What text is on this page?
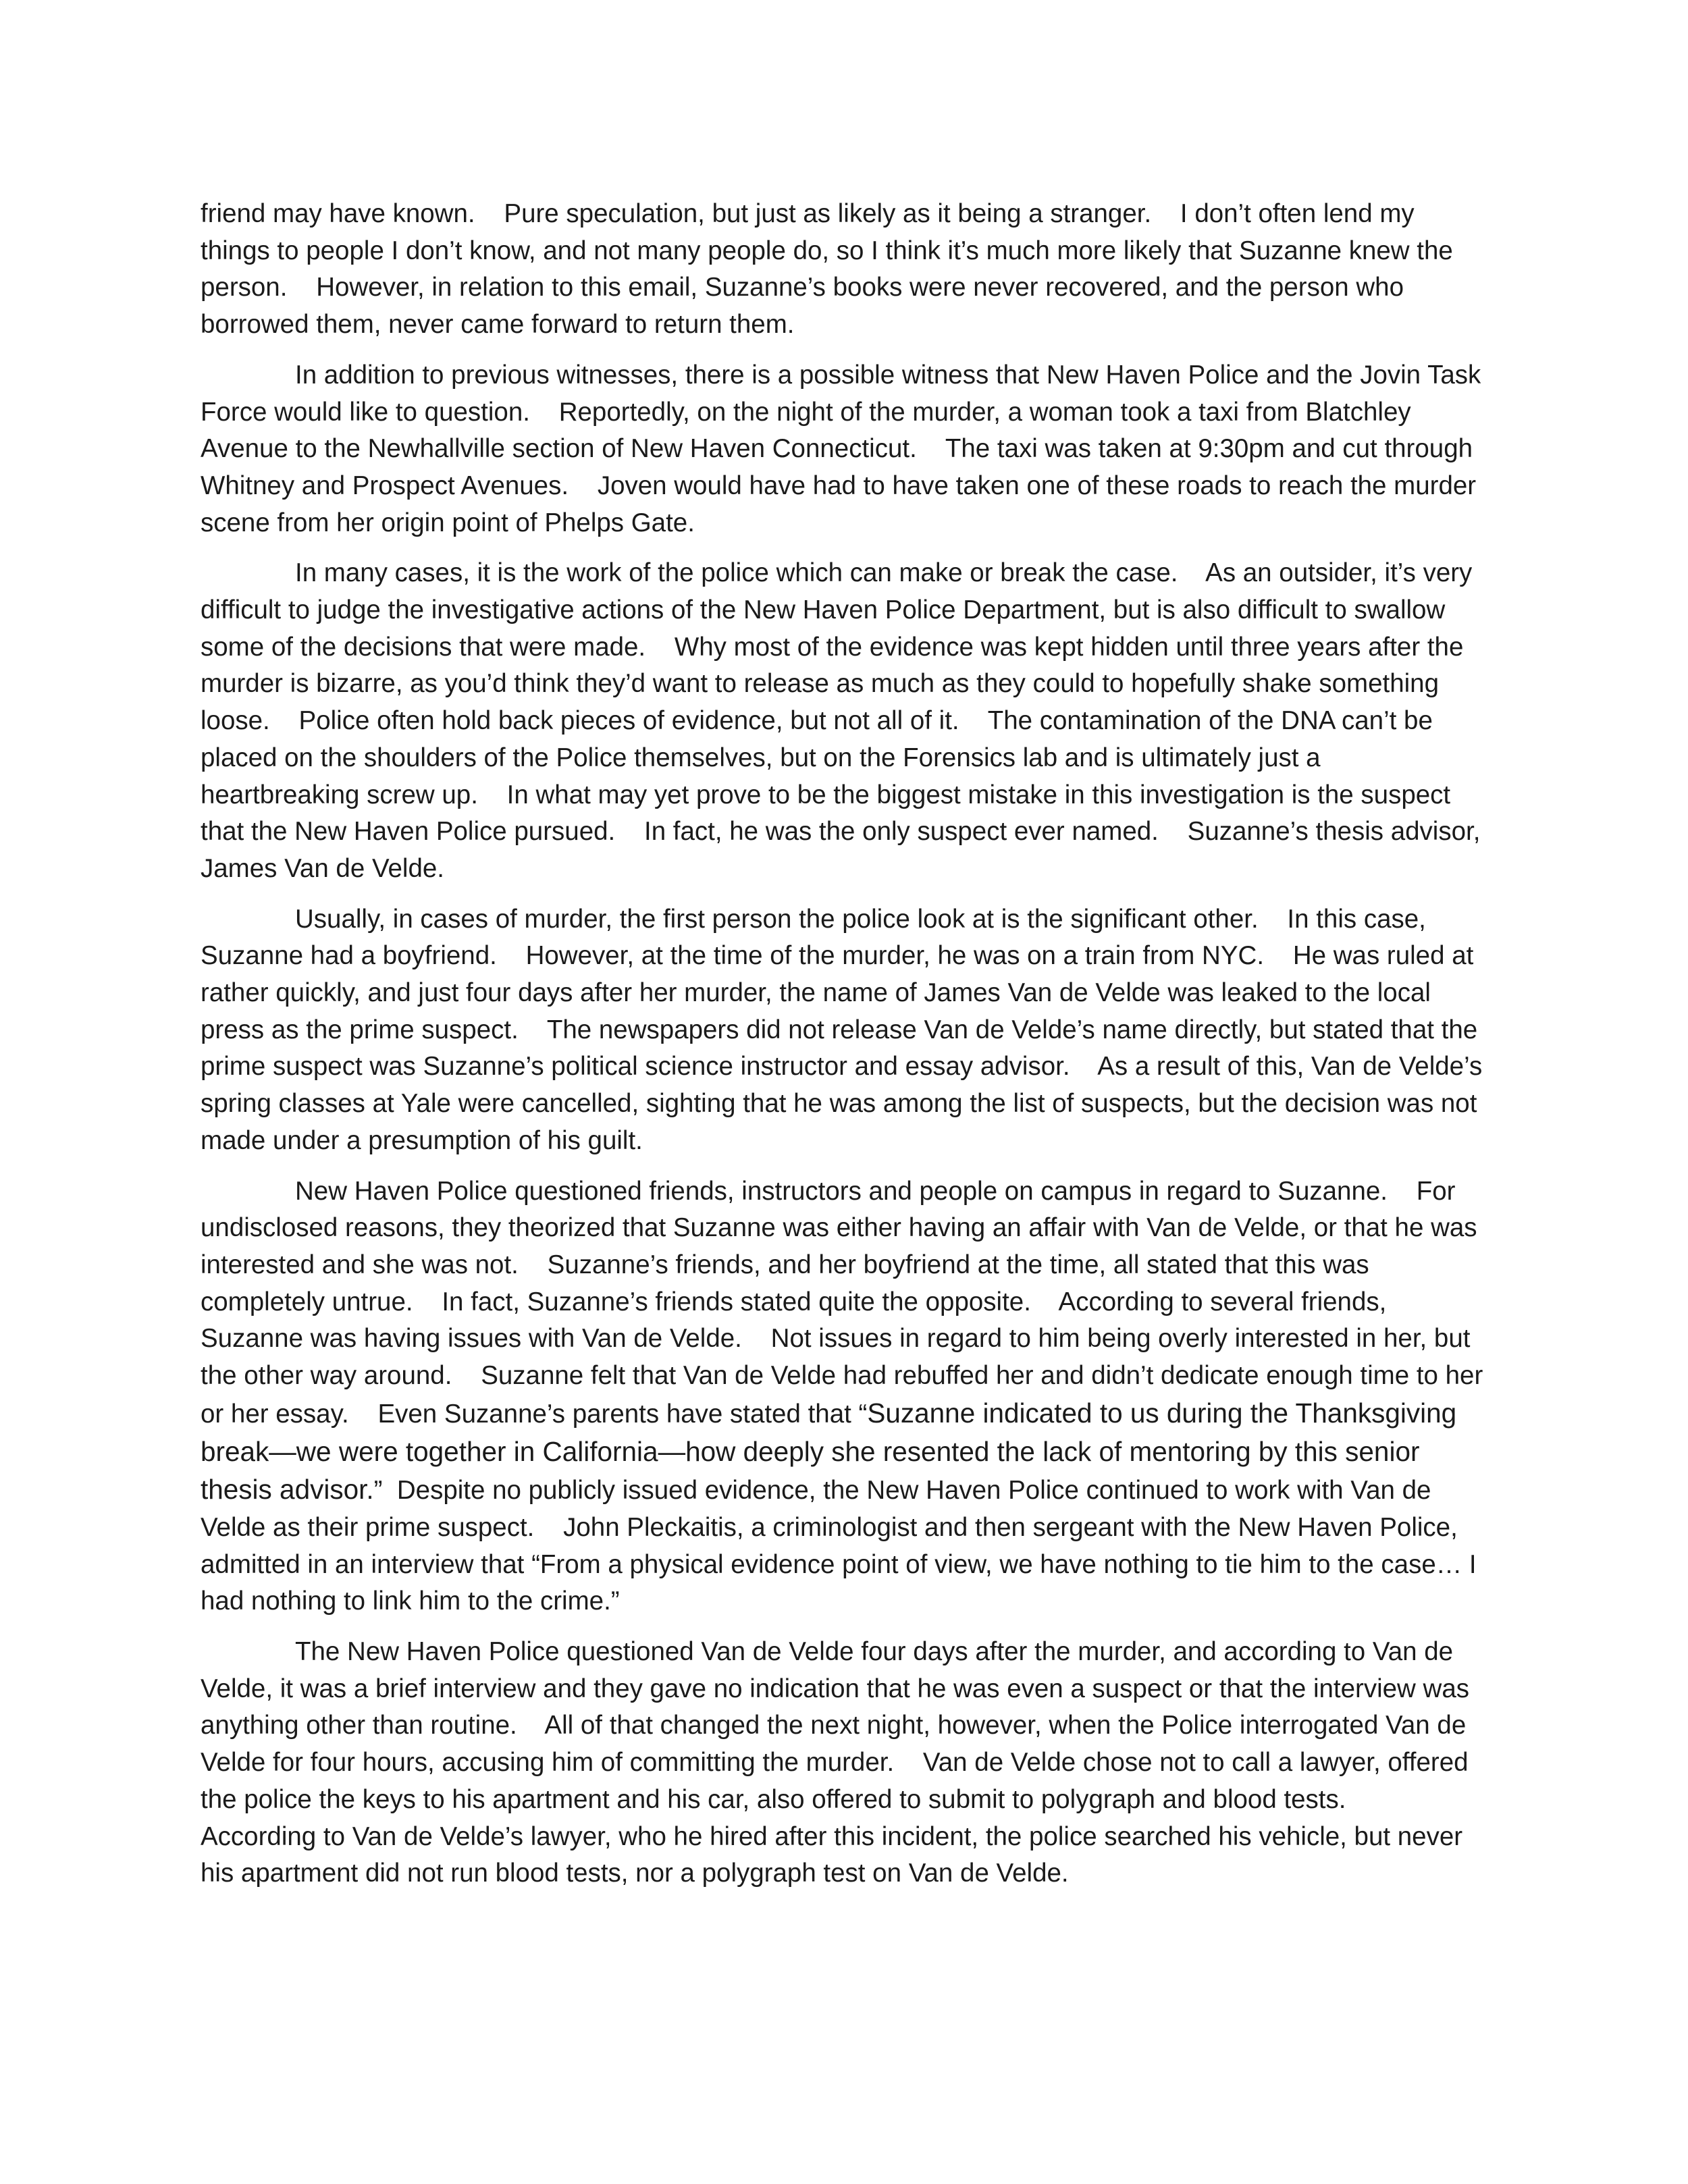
friend may have known.    Pure speculation, but just as likely as it being a stranger.    I don’t often lend my things to people I don’t know, and not many people do, so I think it’s much more likely that Suzanne knew the person.    However, in relation to this email, Suzanne’s books were never recovered, and the person who borrowed them, never came forward to return them.

In addition to previous witnesses, there is a possible witness that New Haven Police and the Jovin Task Force would like to question.    Reportedly, on the night of the murder, a woman took a taxi from Blatchley Avenue to the Newhallville section of New Haven Connecticut.    The taxi was taken at 9:30pm and cut through Whitney and Prospect Avenues.    Joven would have had to have taken one of these roads to reach the murder scene from her origin point of Phelps Gate.

In many cases, it is the work of the police which can make or break the case.    As an outsider, it’s very difficult to judge the investigative actions of the New Haven Police Department, but is also difficult to swallow some of the decisions that were made.    Why most of the evidence was kept hidden until three years after the murder is bizarre, as you’d think they’d want to release as much as they could to hopefully shake something loose.    Police often hold back pieces of evidence, but not all of it.    The contamination of the DNA can’t be placed on the shoulders of the Police themselves, but on the Forensics lab and is ultimately just a heartbreaking screw up.    In what may yet prove to be the biggest mistake in this investigation is the suspect that the New Haven Police pursued.    In fact, he was the only suspect ever named.    Suzanne’s thesis advisor, James Van de Velde.

Usually, in cases of murder, the first person the police look at is the significant other.    In this case, Suzanne had a boyfriend.    However, at the time of the murder, he was on a train from NYC.    He was ruled at rather quickly, and just four days after her murder, the name of James Van de Velde was leaked to the local press as the prime suspect.    The newspapers did not release Van de Velde’s name directly, but stated that the prime suspect was Suzanne’s political science instructor and essay advisor.    As a result of this, Van de Velde’s spring classes at Yale were cancelled, sighting that he was among the list of suspects, but the decision was not made under a presumption of his guilt.

New Haven Police questioned friends, instructors and people on campus in regard to Suzanne.    For undisclosed reasons, they theorized that Suzanne was either having an affair with Van de Velde, or that he was interested and she was not.    Suzanne’s friends, and her boyfriend at the time, all stated that this was completely untrue.    In fact, Suzanne’s friends stated quite the opposite.    According to several friends, Suzanne was having issues with Van de Velde.    Not issues in regard to him being overly interested in her, but the other way around.    Suzanne felt that Van de Velde had rebuffed her and didn’t dedicate enough time to her or her essay.    Even Suzanne’s parents have stated that “Suzanne indicated to us during the Thanksgiving break—we were together in California—how deeply she resented the lack of mentoring by this senior thesis advisor.”  Despite no publicly issued evidence, the New Haven Police continued to work with Van de Velde as their prime suspect.    John Pleckaitis, a criminologist and then sergeant with the New Haven Police, admitted in an interview that “From a physical evidence point of view, we have nothing to tie him to the case… I had nothing to link him to the crime.”

The New Haven Police questioned Van de Velde four days after the murder, and according to Van de Velde, it was a brief interview and they gave no indication that he was even a suspect or that the interview was anything other than routine.    All of that changed the next night, however, when the Police interrogated Van de Velde for four hours, accusing him of committing the murder.    Van de Velde chose not to call a lawyer, offered the police the keys to his apartment and his car, also offered to submit to polygraph and blood tests.    According to Van de Velde’s lawyer, who he hired after this incident, the police searched his vehicle, but never his apartment did not run blood tests, nor a polygraph test on Van de Velde.
